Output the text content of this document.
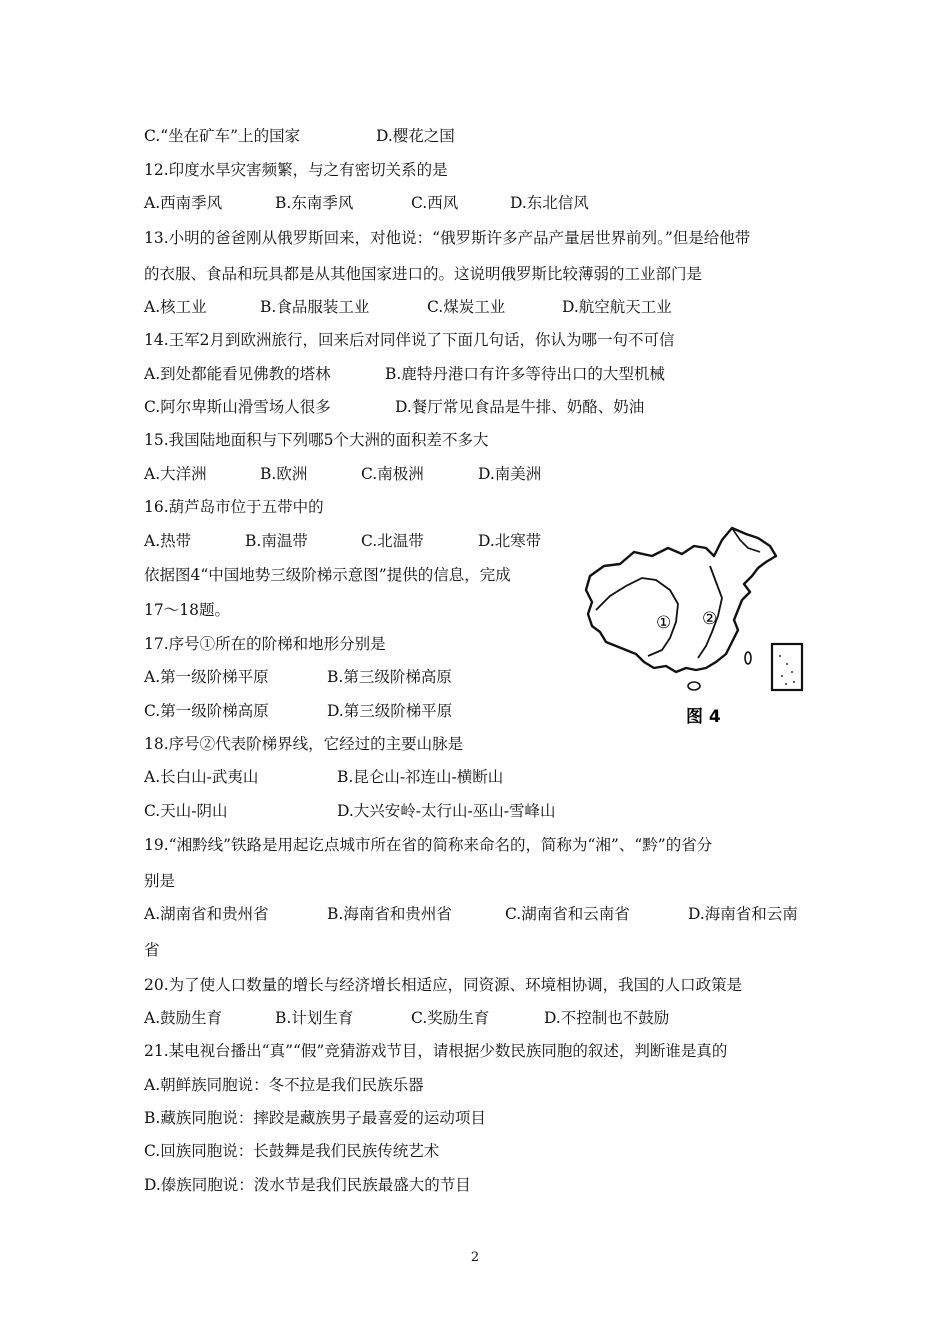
C.“坐在矿车”上的国家	D.樱花之国
12.印度水旱灾害频繁，与之有密切关系的是
A.西南季风	B.东南季风	C.西风	D.东北信风
13.小明的爸爸刚从俄罗斯回来，对他说：“俄罗斯许多产品产量居世界前列。”但是给他带
的衣服、食品和玩具都是从其他国家进口的。这说明俄罗斯比较薄弱的工业部门是
A.核工业	B.食品服装工业	C.煤炭工业	D.航空航天工业
14.王军2月到欧洲旅行，回来后对同伴说了下面几句话，你认为哪一句不可信
A.到处都能看见佛教的塔林	B.鹿特丹港口有许多等待出口的大型机械
C.阿尔卑斯山滑雪场人很多	D.餐厅常见食品是牛排、奶酪、奶油
15.我国陆地面积与下列哪5个大洲的面积差不多大
A.大洋洲	B.欧洲	C.南极洲	D.南美洲
16.葫芦岛市位于五带中的
A.热带	B.南温带	C.北温带	D.北寒带
依据图4“中国地势三级阶梯示意图”提供的信息，完成
17～18题。
① ②
图 4
17.序号①所在的阶梯和地形分别是
A.第一级阶梯平原	B.第三级阶梯高原
C.第一级阶梯高原	D.第三级阶梯平原
18.序号②代表阶梯界线，它经过的主要山脉是
A.长白山-武夷山	B.昆仑山-祁连山-横断山
C.天山-阴山	D.大兴安岭-太行山-巫山-雪峰山
19.“湘黔线”铁路是用起讫点城市所在省的简称来命名的，简称为“湘”、“黔”的省分
别是
A.湖南省和贵州省	B.海南省和贵州省	C.湖南省和云南省	D.海南省和云南
省
20.为了使人口数量的增长与经济增长相适应，同资源、环境相协调，我国的人口政策是
A.鼓励生育	B.计划生育	C.奖励生育	D.不控制也不鼓励
21.某电视台播出“真”“假”竞猜游戏节目，请根据少数民族同胞的叙述，判断谁是真的
A.朝鲜族同胞说：冬不拉是我们民族乐器
B.藏族同胞说：摔跤是藏族男子最喜爱的运动项目
C.回族同胞说：长鼓舞是我们民族传统艺术
D.傣族同胞说：泼水节是我们民族最盛大的节目
2
